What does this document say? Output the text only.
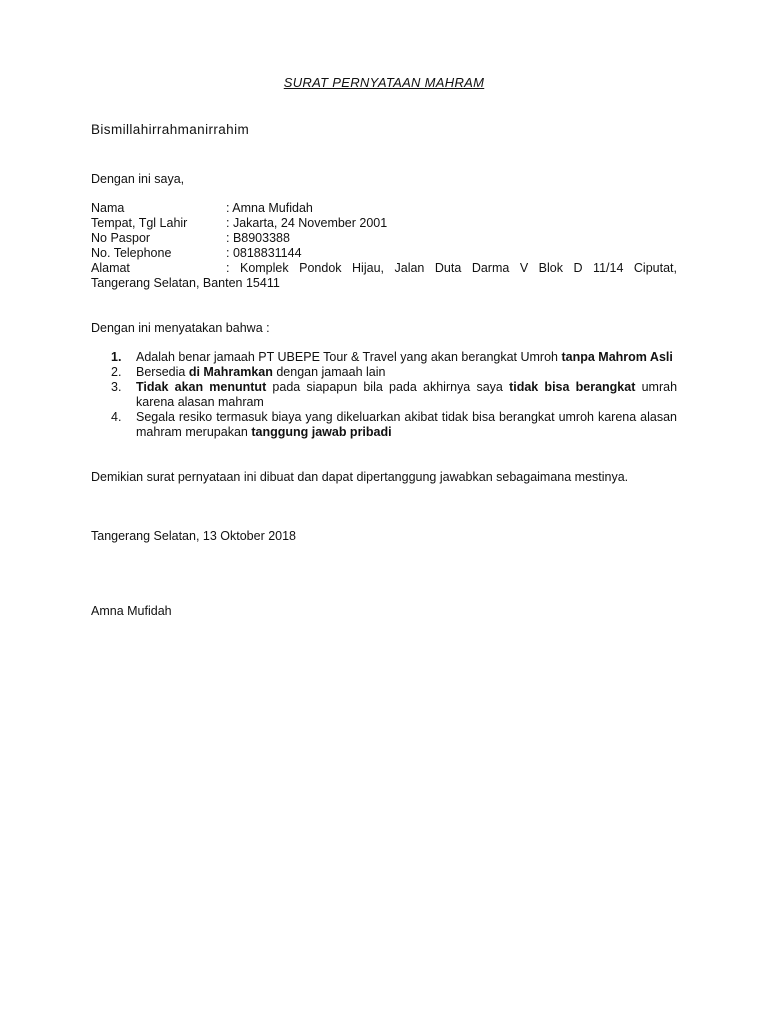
SURAT PERNYATAAN MAHRAM
Bismillahirrahmanirrahim
Dengan ini saya,
Nama	: Amna Mufidah
Tempat, Tgl Lahir	: Jakarta, 24 November 2001
No Paspor	: B8903388
No. Telephone	: 0818831144
Alamat	: Komplek Pondok Hijau, Jalan Duta Darma V Blok D 11/14 Ciputat,
Tangerang Selatan, Banten 15411
Dengan ini menyatakan bahwa :
1.	Adalah benar jamaah PT UBEPE Tour & Travel yang akan berangkat Umroh tanpa Mahrom Asli
2.	Bersedia di Mahramkan dengan jamaah lain
3.	Tidak akan menuntut pada siapapun bila pada akhirnya saya tidak bisa berangkat umrah karena alasan mahram
4.	Segala resiko termasuk biaya yang dikeluarkan akibat tidak bisa berangkat umroh karena alasan mahram merupakan tanggung jawab pribadi
Demikian surat pernyataan ini dibuat dan dapat dipertanggung jawabkan sebagaimana mestinya.
Tangerang Selatan, 13 Oktober 2018
Amna Mufidah
